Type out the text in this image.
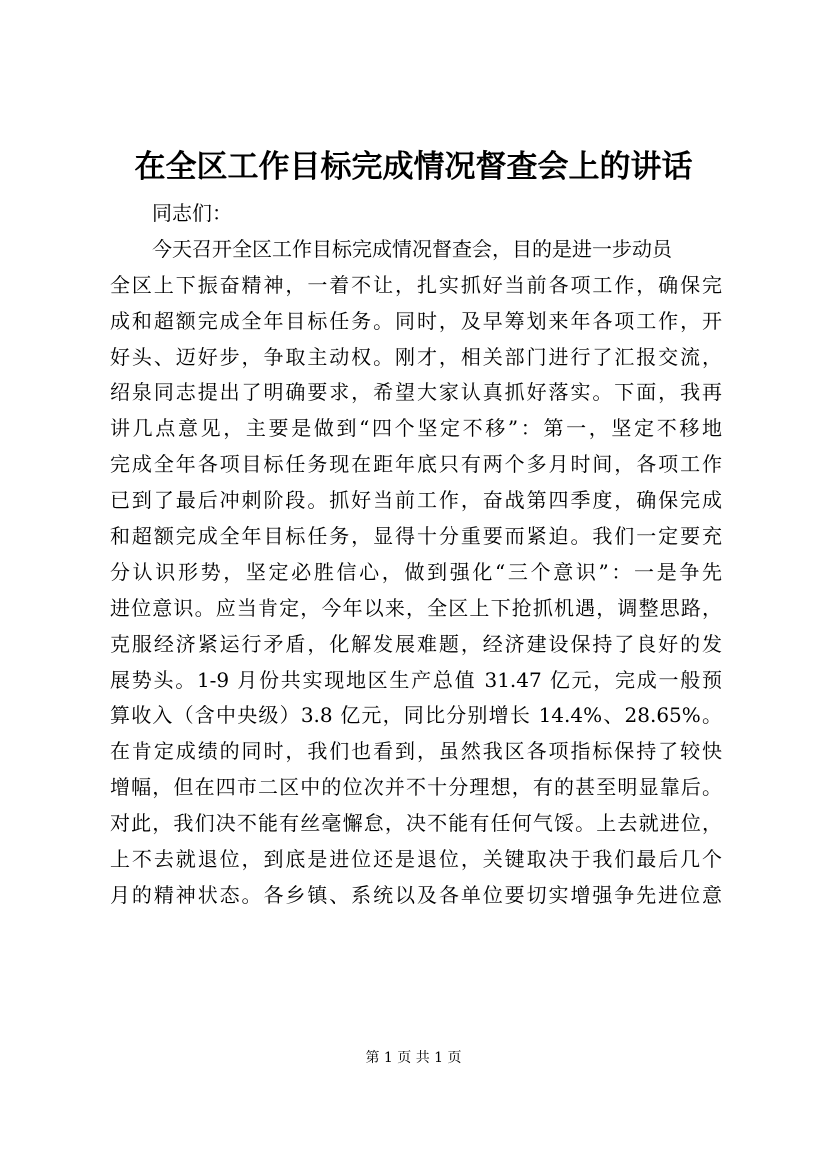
在全区工作目标完成情况督查会上的讲话
同志们：
今天召开全区工作目标完成情况督查会，目的是进一步动员
全区上下振奋精神，一着不让，扎实抓好当前各项工作，确保完
成和超额完成全年目标任务。同时，及早筹划来年各项工作，开
好头、迈好步，争取主动权。刚才，相关部门进行了汇报交流，
绍泉同志提出了明确要求，希望大家认真抓好落实。下面，我再
讲几点意见，主要是做到“四个坚定不移”：第一，坚定不移地
完成全年各项目标任务现在距年底只有两个多月时间，各项工作
已到了最后冲刺阶段。抓好当前工作，奋战第四季度，确保完成
和超额完成全年目标任务，显得十分重要而紧迫。我们一定要充
分认识形势，坚定必胜信心，做到强化“三个意识”：一是争先
进位意识。应当肯定，今年以来，全区上下抢抓机遇，调整思路，
克服经济紧运行矛盾，化解发展难题，经济建设保持了良好的发
展势头。1-9 月份共实现地区生产总值 31.47 亿元，完成一般预
算收入（含中央级）3.8 亿元，同比分别增长 14.4%、28.65%。
在肯定成绩的同时，我们也看到，虽然我区各项指标保持了较快
增幅，但在四市二区中的位次并不十分理想，有的甚至明显靠后。
对此，我们决不能有丝毫懈怠，决不能有任何气馁。上去就进位，
上不去就退位，到底是进位还是退位，关键取决于我们最后几个
月的精神状态。各乡镇、系统以及各单位要切实增强争先进位意
第 1 页 共 1 页
